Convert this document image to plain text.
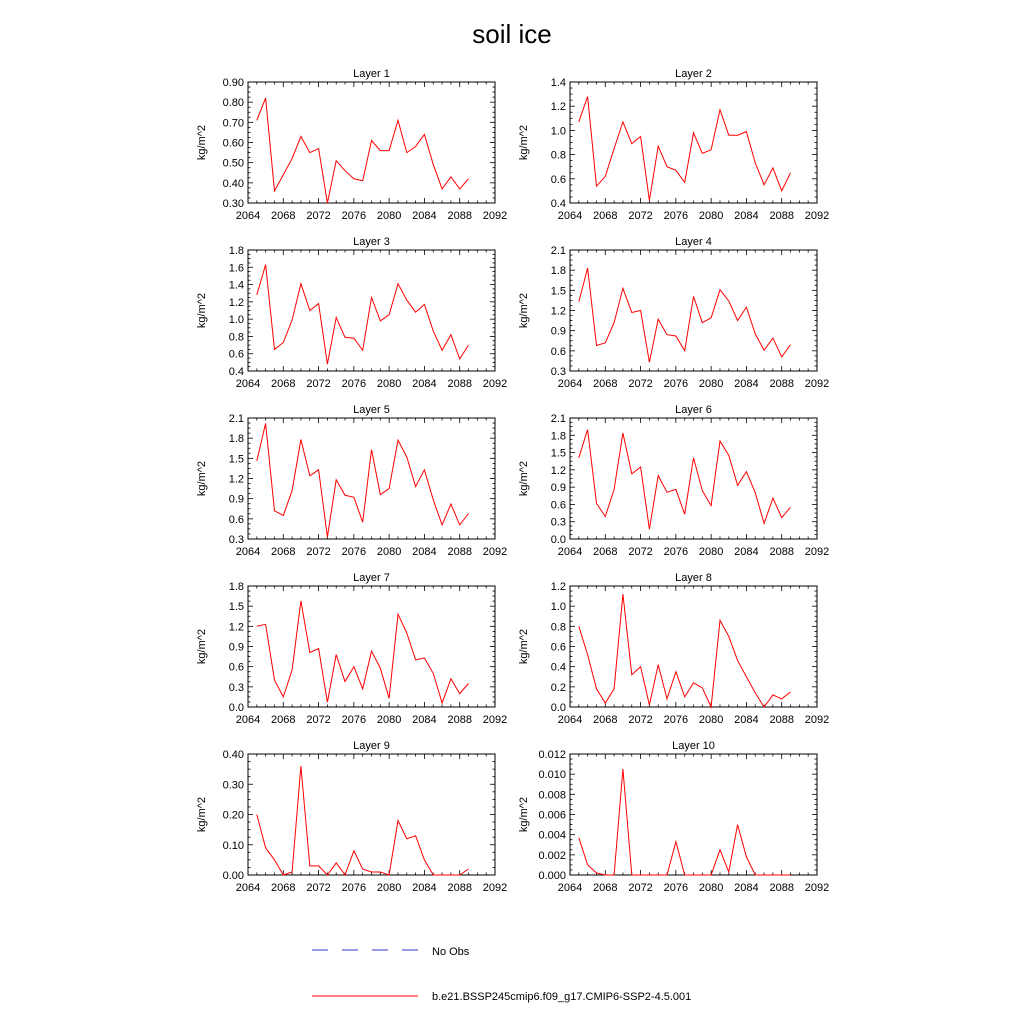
soil ice
Layer 1
2064 2068 2072 2076 2080 2084 2088 2092
0.30
0.40
0.50
0.60
0.70
0.80
0.90
kg/m^2
Layer 2
2064 2068 2072 2076 2080 2084 2088 2092
0.4
0.6
0.8
1.0
1.2
1.4
kg/m^2
Layer 3
2064 2068 2072 2076 2080 2084 2088 2092
0.4
0.6
0.8
1.0
1.2
1.4
1.6
1.8
kg/m^2
Layer 4
2064 2068 2072 2076 2080 2084 2088 2092
0.3
0.6
0.9
1.2
1.5
1.8
2.1
kg/m^2
Layer 5
2064 2068 2072 2076 2080 2084 2088 2092
0.3
0.6
0.9
1.2
1.5
1.8
2.1
kg/m^2
Layer 6
2064 2068 2072 2076 2080 2084 2088 2092
0.0
0.3
0.6
0.9
1.2
1.5
1.8
2.1
kg/m^2
Layer 7
2064 2068 2072 2076 2080 2084 2088 2092
0.0
0.3
0.6
0.9
1.2
1.5
1.8
kg/m^2
Layer 8
2064 2068 2072 2076 2080 2084 2088 2092
0.0
0.2
0.4
0.6
0.8
1.0
1.2
kg/m^2
Layer 9
2064 2068 2072 2076 2080 2084 2088 2092
0.00
0.10
0.20
0.30
0.40
kg/m^2
Layer 10
2064 2068 2072 2076 2080 2084 2088 2092
0.000
0.002
0.004
0.006
0.008
0.010
0.012
kg/m^2
No Obs
b.e21.BSSP245cmip6.f09_g17.CMIP6-SSP2-4.5.001
